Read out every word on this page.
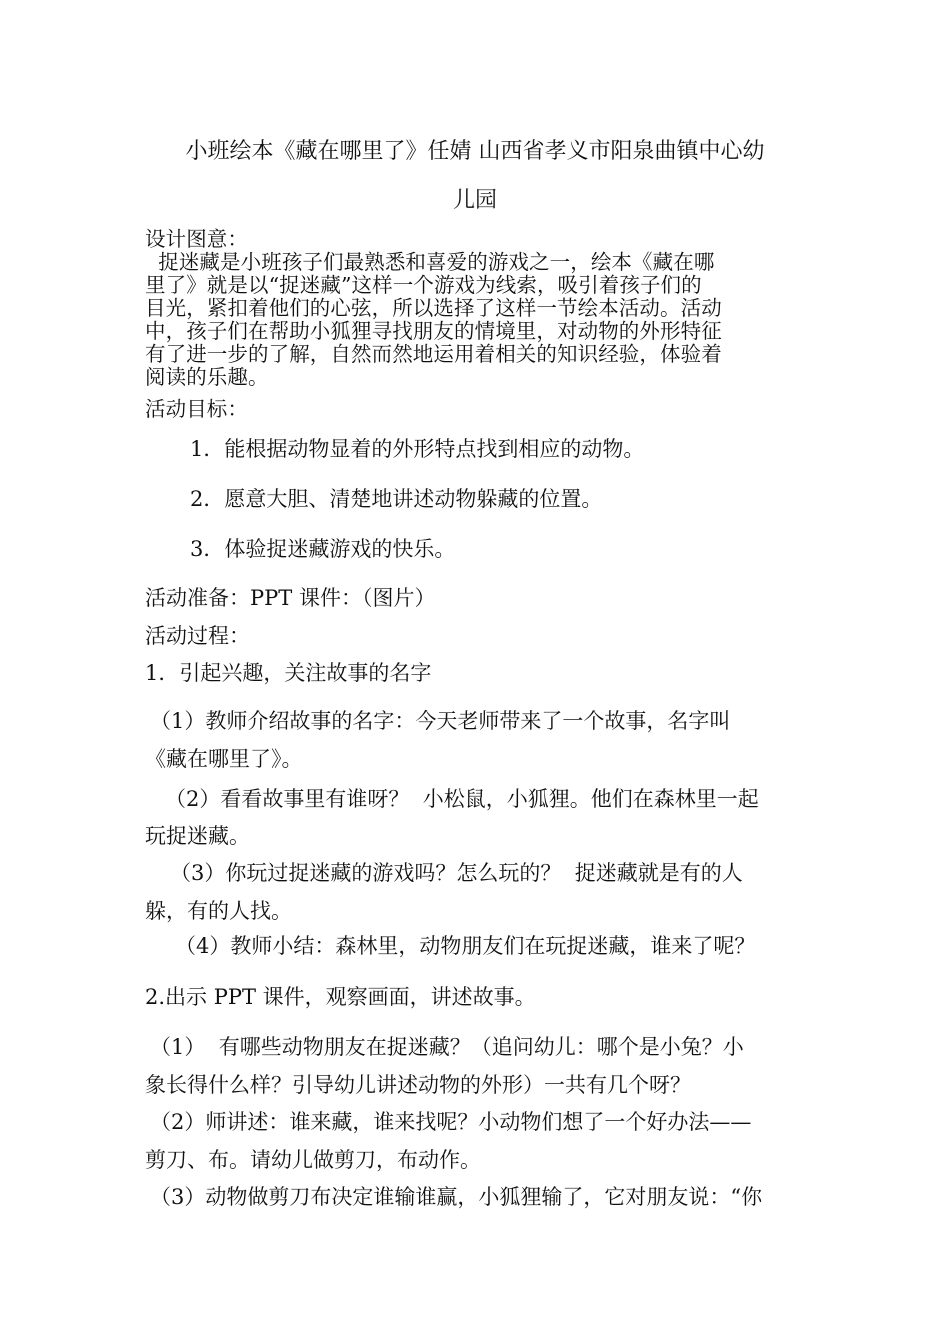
小班绘本《藏在哪里了》任婧 山西省孝义市阳泉曲镇中心幼
儿园
设计图意：
捉迷藏是小班孩子们最熟悉和喜爱的游戏之一，绘本《藏在哪
里了》就是以“捉迷藏”这样一个游戏为线索，吸引着孩子们的
目光，紧扣着他们的心弦，所以选择了这样一节绘本活动。活动
中，孩子们在帮助小狐狸寻找朋友的情境里，对动物的外形特征
有了进一步的了解，自然而然地运用着相关的知识经验，体验着
阅读的乐趣。
活动目标：
1．能根据动物显着的外形特点找到相应的动物。
2．愿意大胆、清楚地讲述动物躲藏的位置。
3．体验捉迷藏游戏的快乐。
活动准备：PPT 课件：（图片）
活动过程：
1．引起兴趣，关注故事的名字
（1）教师介绍故事的名字：今天老师带来了一个故事，名字叫
《藏在哪里了》。
（2）看看故事里有谁呀？  小松鼠，小狐狸。他们在森林里一起
玩捉迷藏。
（3）你玩过捉迷藏的游戏吗？怎么玩的？  捉迷藏就是有的人
躲，有的人找。
（4）教师小结：森林里，动物朋友们在玩捉迷藏，谁来了呢？
2.出示 PPT 课件，观察画面，讲述故事。
（1）  有哪些动物朋友在捉迷藏？（追问幼儿：哪个是小兔？小
象长得什么样？引导幼儿讲述动物的外形）一共有几个呀？
（2）师讲述：谁来藏，谁来找呢？小动物们想了一个好办法——
剪刀、布。请幼儿做剪刀，布动作。
（3）动物做剪刀布决定谁输谁赢，小狐狸输了，它对朋友说：“你
